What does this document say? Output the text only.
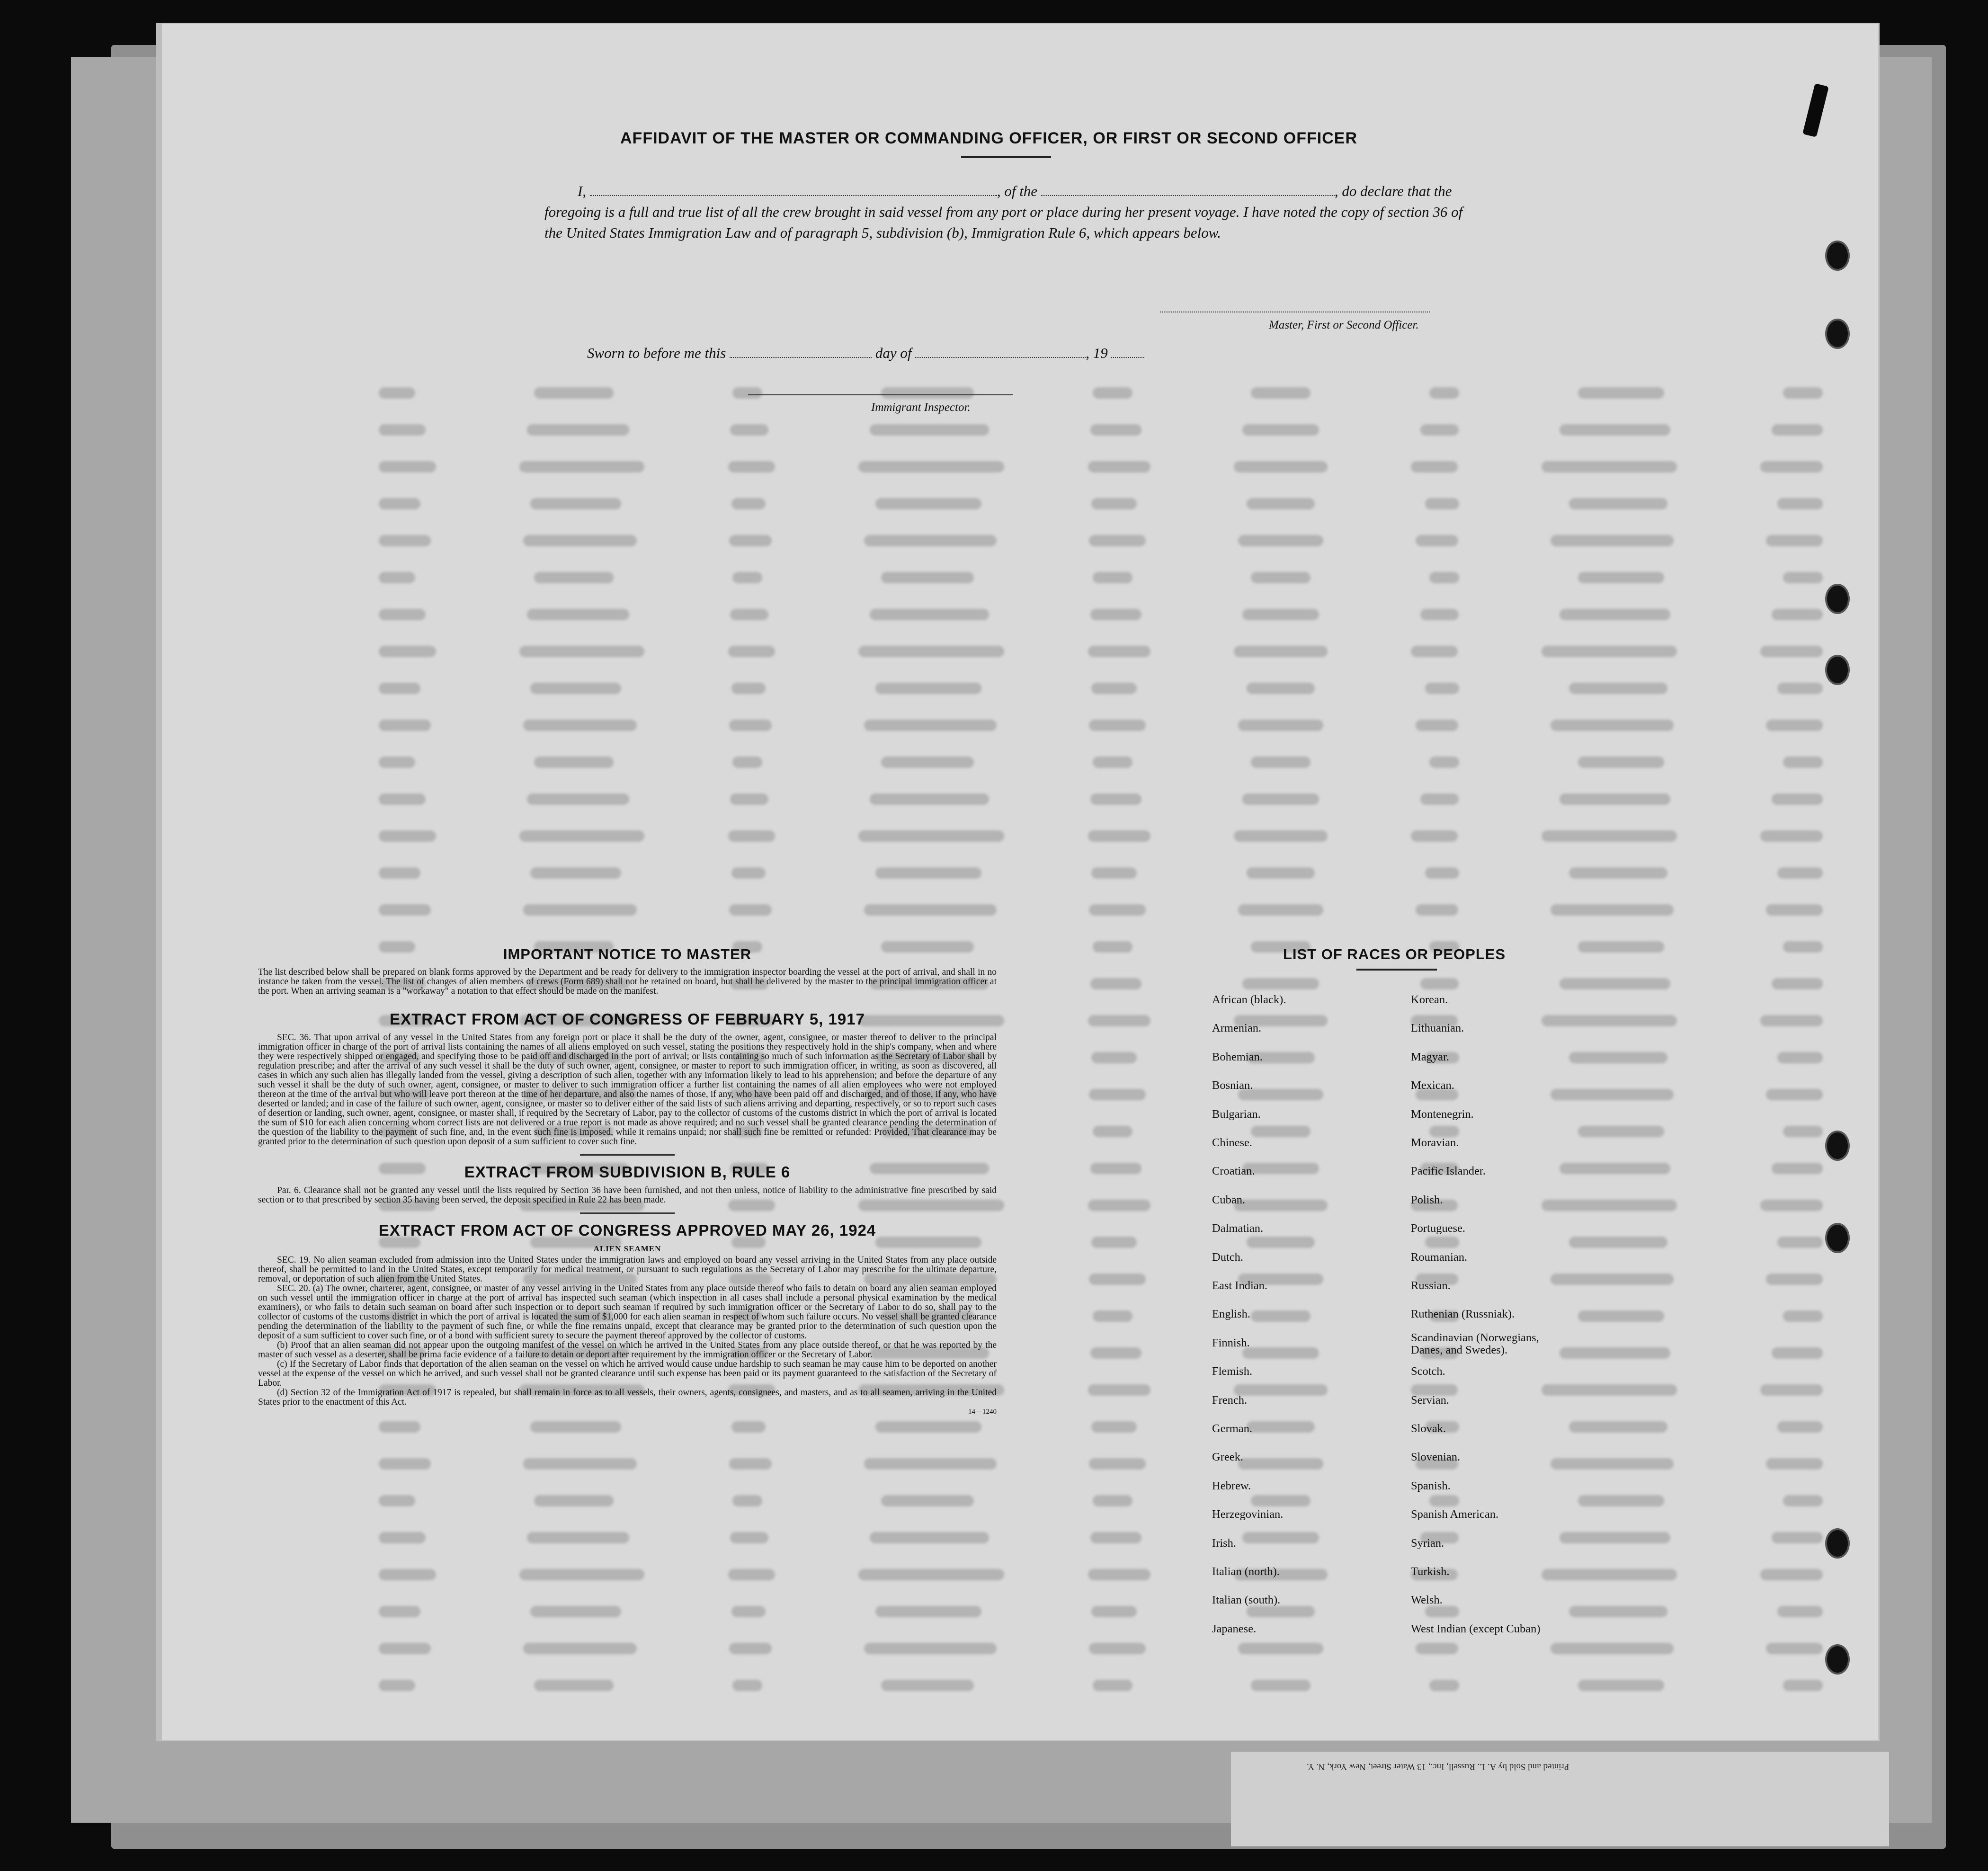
AFFIDAVIT OF THE MASTER OR COMMANDING OFFICER, OR FIRST OR SECOND OFFICER
I,	, of the	, do declare that the foregoing is a full and true list of all the crew brought in said vessel from any port or place during her present voyage. I have noted the copy of section 36 of the United States Immigration Law and of paragraph 5, subdivision (b), Immigration Rule 6, which appears below.
Master, First or Second Officer.
Sworn to before me this	day of	, 19
Immigrant Inspector.

IMPORTANT NOTICE TO MASTER

The list described below shall be prepared on blank forms approved by the Department and be ready for delivery to the immigration inspector boarding the vessel at the port of arrival, and shall in no instance be taken from the vessel. The list of changes of alien members of crews (Form 689) shall not be retained on board, but shall be delivered by the master to the principal immigration officer at the port. When an arriving seaman is a "workaway" a notation to that effect should be made on the manifest.

EXTRACT FROM ACT OF CONGRESS OF FEBRUARY 5, 1917

SEC. 36. That upon arrival of any vessel in the United States from any foreign port or place it shall be the duty of the owner, agent, consignee, or master thereof to deliver to the principal immigration officer in charge of the port of arrival lists containing the names of all aliens employed on such vessel, stating the positions they respectively hold in the ship's company, when and where they were respectively shipped or engaged, and specifying those to be paid off and discharged in the port of arrival; or lists containing so much of such information as the Secretary of Labor shall by regulation prescribe; and after the arrival of any such vessel it shall be the duty of such owner, agent, consignee, or master to report to such immigration officer, in writing, as soon as discovered, all cases in which any such alien has illegally landed from the vessel, giving a description of such alien, together with any information likely to lead to his apprehension; and before the departure of any such vessel it shall be the duty of such owner, agent, consignee, or master to deliver to such immigration officer a further list containing the names of all alien employees who were not employed thereon at the time of the arrival but who will leave port thereon at the time of her departure, and also the names of those, if any, who have been paid off and discharged, and of those, if any, who have deserted or landed; and in case of the failure of such owner, agent, consignee, or master so to deliver either of the said lists of such aliens arriving and departing, respectively, or so to report such cases of desertion or landing, such owner, agent, consignee, or master shall, if required by the Secretary of Labor, pay to the collector of customs of the customs district in which the port of arrival is located the sum of $10 for each alien concerning whom correct lists are not delivered or a true report is not made as above required; and no such vessel shall be granted clearance pending the determination of the question of the liability to the payment of such fine, and, in the event such fine is imposed, while it remains unpaid; nor shall such fine be remitted or refunded: Provided, That clearance may be granted prior to the determination of such question upon deposit of a sum sufficient to cover such fine.

EXTRACT FROM SUBDIVISION B, RULE 6

Par. 6. Clearance shall not be granted any vessel until the lists required by Section 36 have been furnished, and not then unless, notice of liability to the administrative fine prescribed by said section or to that prescribed by section 35 having been served, the deposit specified in Rule 22 has been made.

EXTRACT FROM ACT OF CONGRESS APPROVED MAY 26, 1924

ALIEN SEAMEN

SEC. 19. No alien seaman excluded from admission into the United States under the immigration laws and employed on board any vessel arriving in the United States from any place outside thereof, shall be permitted to land in the United States, except temporarily for medical treatment, or pursuant to such regulations as the Secretary of Labor may prescribe for the ultimate departure, removal, or deportation of such alien from the United States.

SEC. 20. (a) The owner, charterer, agent, consignee, or master of any vessel arriving in the United States from any place outside thereof who fails to detain on board any alien seaman employed on such vessel until the immigration officer in charge at the port of arrival has inspected such seaman (which inspection in all cases shall include a personal physical examination by the medical examiners), or who fails to detain such seaman on board after such inspection or to deport such seaman if required by such immigration officer or the Secretary of Labor to do so, shall pay to the collector of customs of the customs district in which the port of arrival is located the sum of $1,000 for each alien seaman in respect of whom such failure occurs. No vessel shall be granted clearance pending the determination of the liability to the payment of such fine, or while the fine remains unpaid, except that clearance may be granted prior to the determination of such question upon the deposit of a sum sufficient to cover such fine, or of a bond with sufficient surety to secure the payment thereof approved by the collector of customs.

(b) Proof that an alien seaman did not appear upon the outgoing manifest of the vessel on which he arrived in the United States from any place outside thereof, or that he was reported by the master of such vessel as a deserter, shall be prima facie evidence of a failure to detain or deport after requirement by the immigration officer or the Secretary of Labor.

(c) If the Secretary of Labor finds that deportation of the alien seaman on the vessel on which he arrived would cause undue hardship to such seaman he may cause him to be deported on another vessel at the expense of the vessel on which he arrived, and such vessel shall not be granted clearance until such expense has been paid or its payment guaranteed to the satisfaction of the Secretary of Labor.

(d) Section 32 of the Immigration Act of 1917 is repealed, but shall remain in force as to all vessels, their owners, agents, consignees, and masters, and as to all seamen, arriving in the United States prior to the enactment of this Act.

14—1240

LIST OF RACES OR PEOPLES
African (black).
Armenian.
Bohemian.
Bosnian.
Bulgarian.
Chinese.
Croatian.
Cuban.
Dalmatian.
Dutch.
East Indian.
English.
Finnish.
Flemish.
French.
German.
Greek.
Hebrew.
Herzegovinian.
Irish.
Italian (north).
Italian (south).
Japanese.
Korean.
Lithuanian.
Magyar.
Mexican.
Montenegrin.
Moravian.
Pacific Islander.
Polish.
Portuguese.
Roumanian.
Russian.
Ruthenian (Russniak).
Scandinavian (Norwegians, Danes, and Swedes).
Scotch.
Servian.
Slovak.
Slovenian.
Spanish.
Spanish American.
Syrian.
Turkish.
Welsh.
West Indian (except Cuban)
Printed and Sold by A. L. Russell, Inc., 13 Water Street, New York, N. Y.
